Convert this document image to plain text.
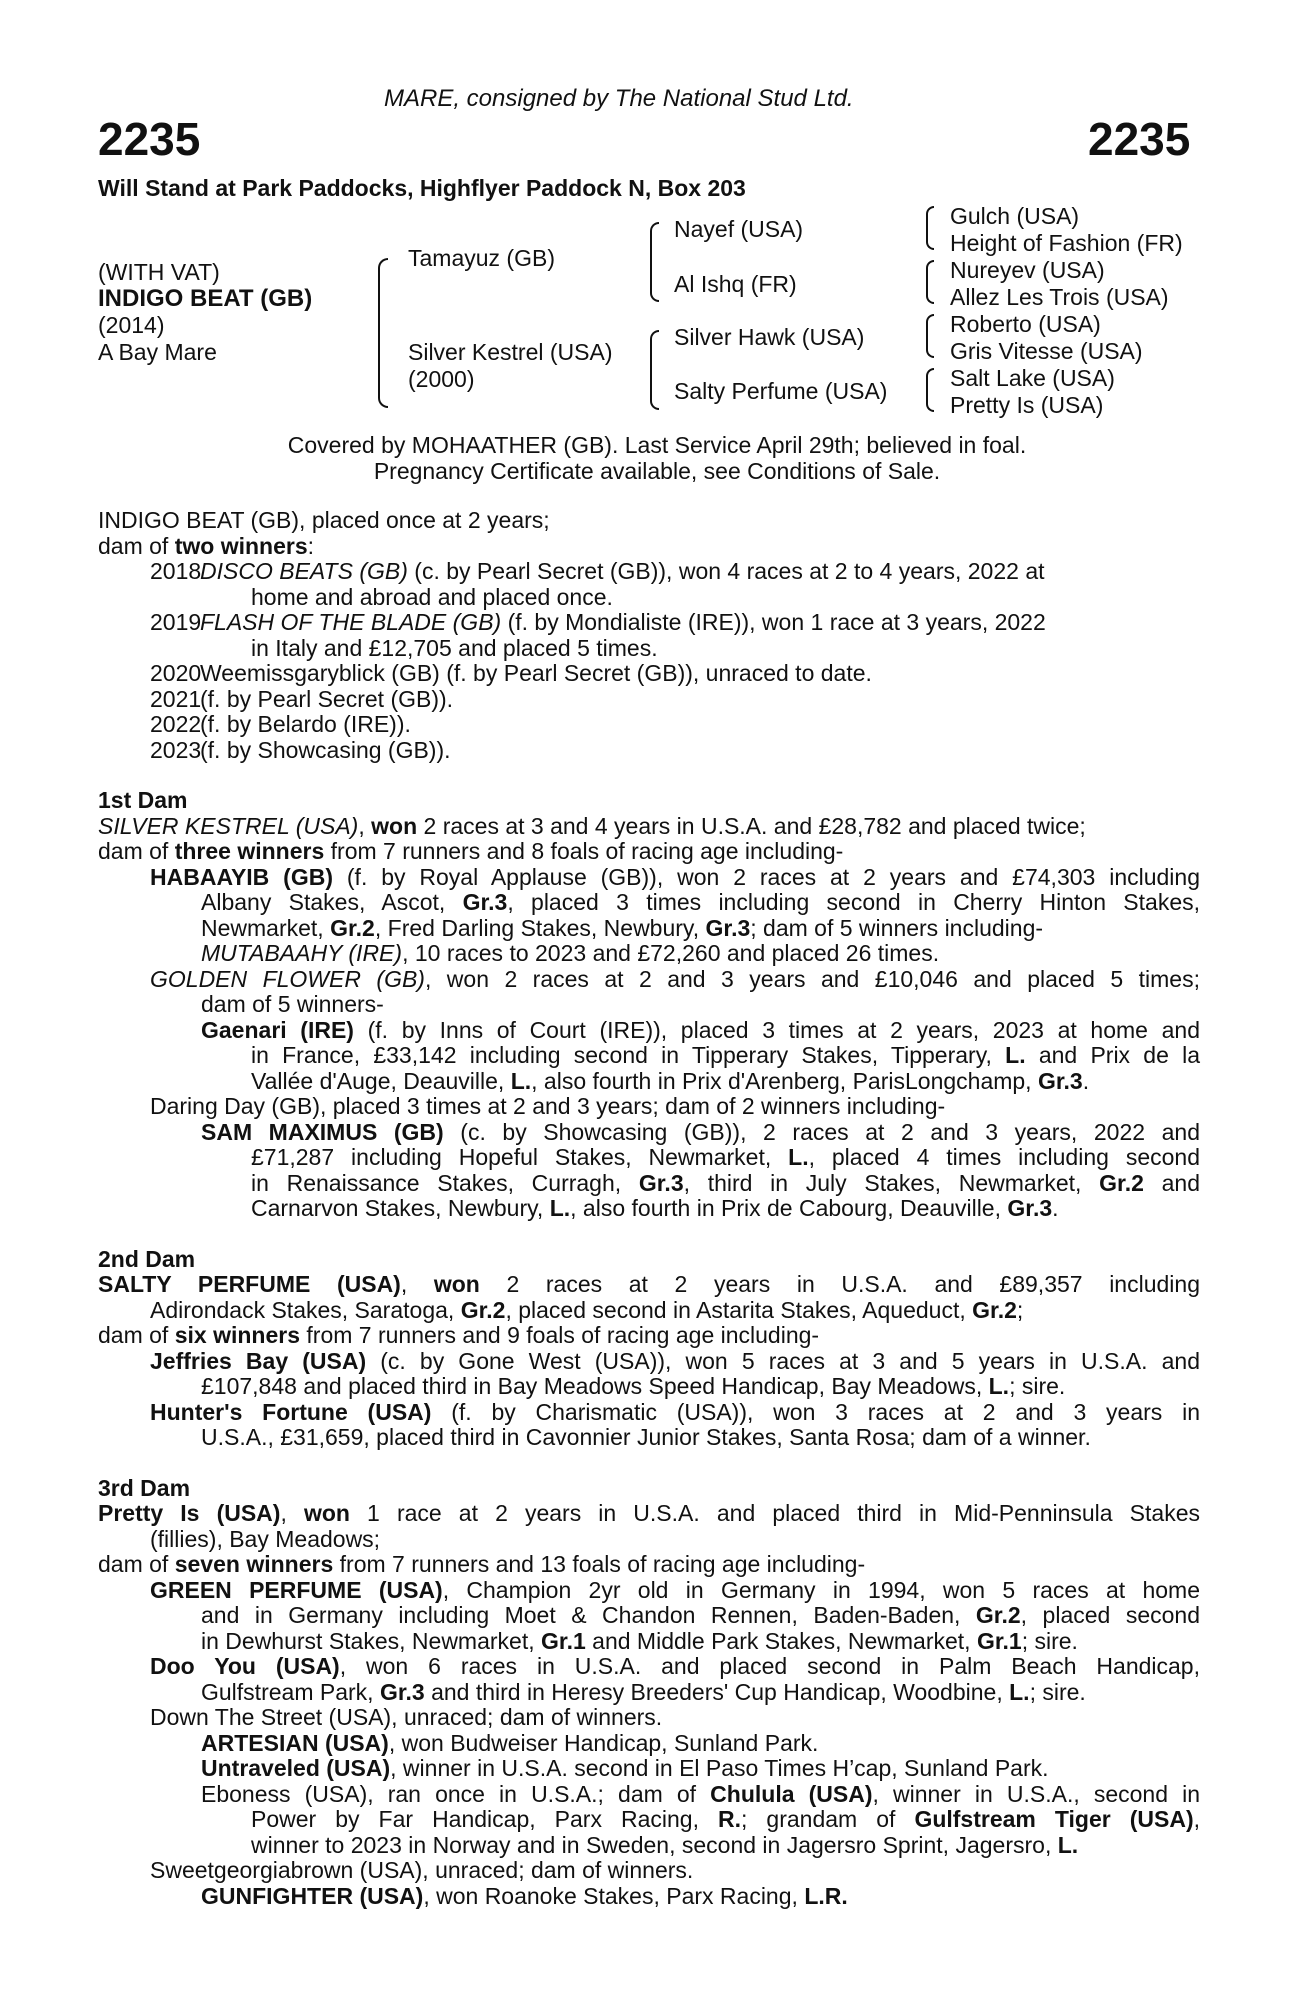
MARE, consigned by The National Stud Ltd.
2235	2235
Will Stand at Park Paddocks, Highflyer Paddock N, Box 203
(WITH VAT)
INDIGO BEAT (GB)
(2014)
A Bay Mare
Tamayuz (GB)
Silver Kestrel (USA)
(2000)
Nayef (USA)
Al Ishq (FR)
Silver Hawk (USA)
Salty Perfume (USA)
Gulch (USA)
Height of Fashion (FR)
Nureyev (USA)
Allez Les Trois (USA)
Roberto (USA)
Gris Vitesse (USA)
Salt Lake (USA)
Pretty Is (USA)
Covered by MOHAATHER (GB). Last Service April 29th; believed in foal.
Pregnancy Certificate available, see Conditions of Sale.

INDIGO BEAT (GB), placed once at 2 years;

dam of two winners:

2018DISCO BEATS (GB) (c. by Pearl Secret (GB)), won 4 races at 2 to 4 years, 2022 at

home and abroad and placed once.

2019FLASH OF THE BLADE (GB) (f. by Mondialiste (IRE)), won 1 race at 3 years, 2022

in Italy and £12,705 and placed 5 times.

2020Weemissgaryblick (GB) (f. by Pearl Secret (GB)), unraced to date.

2021(f. by Pearl Secret (GB)).

2022(f. by Belardo (IRE)).

2023(f. by Showcasing (GB)).

1st Dam

SILVER KESTREL (USA), won 2 races at 3 and 4 years in U.S.A. and £28,782 and placed twice;

dam of three winners from 7 runners and 8 foals of racing age including-

HABAAYIB (GB) (f. by Royal Applause (GB)), won 2 races at 2 years and £74,303 including

Albany Stakes, Ascot, Gr.3, placed 3 times including second in Cherry Hinton Stakes,

Newmarket, Gr.2, Fred Darling Stakes, Newbury, Gr.3; dam of 5 winners including-

MUTABAAHY (IRE), 10 races to 2023 and £72,260 and placed 26 times.

GOLDEN FLOWER (GB), won 2 races at 2 and 3 years and £10,046 and placed 5 times;

dam of 5 winners-

Gaenari (IRE) (f. by Inns of Court (IRE)), placed 3 times at 2 years, 2023 at home and

in France, £33,142 including second in Tipperary Stakes, Tipperary, L. and Prix de la

Vallée d'Auge, Deauville, L., also fourth in Prix d'Arenberg, ParisLongchamp, Gr.3.

Daring Day (GB), placed 3 times at 2 and 3 years; dam of 2 winners including-

SAM MAXIMUS (GB) (c. by Showcasing (GB)), 2 races at 2 and 3 years, 2022 and

£71,287 including Hopeful Stakes, Newmarket, L., placed 4 times including second

in Renaissance Stakes, Curragh, Gr.3, third in July Stakes, Newmarket, Gr.2 and

Carnarvon Stakes, Newbury, L., also fourth in Prix de Cabourg, Deauville, Gr.3.

2nd Dam

SALTY PERFUME (USA), won 2 races at 2 years in U.S.A. and £89,357 including

Adirondack Stakes, Saratoga, Gr.2, placed second in Astarita Stakes, Aqueduct, Gr.2;

dam of six winners from 7 runners and 9 foals of racing age including-

Jeffries Bay (USA) (c. by Gone West (USA)), won 5 races at 3 and 5 years in U.S.A. and

£107,848 and placed third in Bay Meadows Speed Handicap, Bay Meadows, L.; sire.

Hunter's Fortune (USA) (f. by Charismatic (USA)), won 3 races at 2 and 3 years in

U.S.A., £31,659, placed third in Cavonnier Junior Stakes, Santa Rosa; dam of a winner.

3rd Dam

Pretty Is (USA), won 1 race at 2 years in U.S.A. and placed third in Mid-Penninsula Stakes

(fillies), Bay Meadows;

dam of seven winners from 7 runners and 13 foals of racing age including-

GREEN PERFUME (USA), Champion 2yr old in Germany in 1994, won 5 races at home

and in Germany including Moet & Chandon Rennen, Baden-Baden, Gr.2, placed second

in Dewhurst Stakes, Newmarket, Gr.1 and Middle Park Stakes, Newmarket, Gr.1; sire.

Doo You (USA), won 6 races in U.S.A. and placed second in Palm Beach Handicap,

Gulfstream Park, Gr.3 and third in Heresy Breeders' Cup Handicap, Woodbine, L.; sire.

Down The Street (USA), unraced; dam of winners.

ARTESIAN (USA), won Budweiser Handicap, Sunland Park.

Untraveled (USA), winner in U.S.A. second in El Paso Times H’cap, Sunland Park.

Eboness (USA), ran once in U.S.A.; dam of Chulula (USA), winner in U.S.A., second in

Power by Far Handicap, Parx Racing, R.; grandam of Gulfstream Tiger (USA),

winner to 2023 in Norway and in Sweden, second in Jagersro Sprint, Jagersro, L.

Sweetgeorgiabrown (USA), unraced; dam of winners.

GUNFIGHTER (USA), won Roanoke Stakes, Parx Racing, L.R.
